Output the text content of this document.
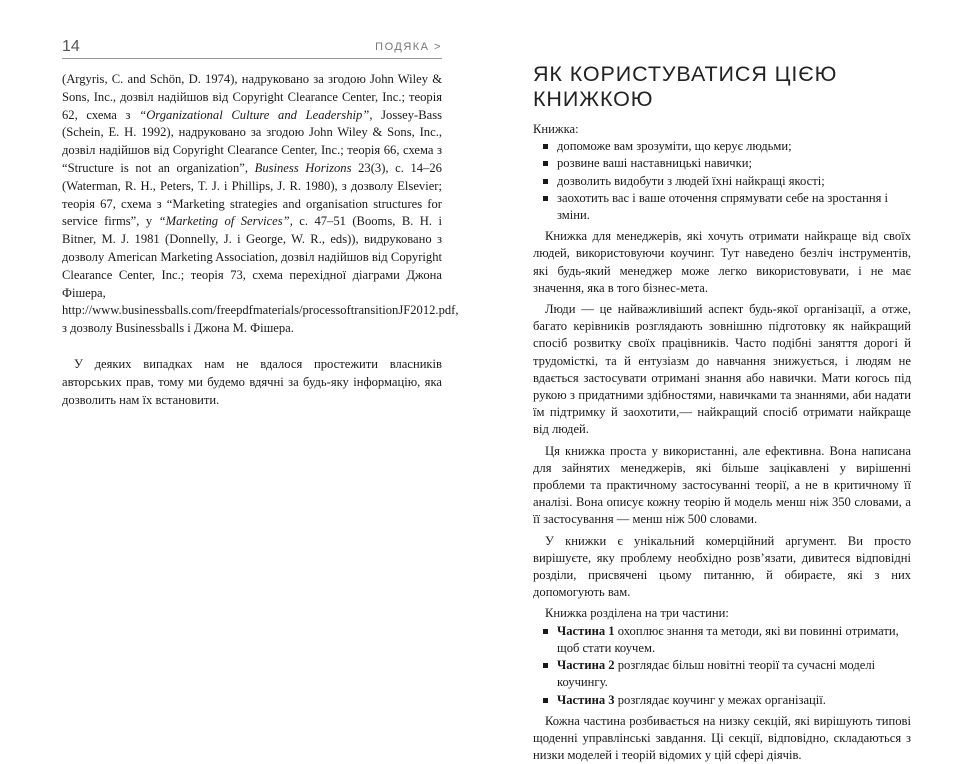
14	ПОДЯКА >

(Argyris, C. and Schön, D. 1974), надруковано за згодою John Wiley & Sons, Inc., дозвіл надійшов від Copyright Clearance Center, Inc.; теорія 62, схема з “Organizational Culture and Leadership”, Jossey-Bass (Schein, E. H. 1992), надруковано за згодою John Wiley & Sons, Inc., дозвіл надійшов від Copyright Clearance Center, Inc.; теорія 66, схема з “Structure is not an organization”, Business Horizons 23(3), с. 14–26 (Waterman, R. H., Peters, T. J. і Phillips, J. R. 1980), з дозволу Elsevier; теорія 67, схема з “Marketing strategies and organisation structures for service firms”, у “Marketing of Services”, с. 47–51 (Booms, B. H. і Bitner, M. J. 1981 (Donnelly, J. і George, W. R., eds)), видруковано з дозволу American Marketing Association, дозвіл надійшов від Copyright Clearance Center, Inc.; теорія 73, схема перехідної діаграми Джона Фішера, http://www.businessballs.com/freepdfmaterials/processoftransitionJF2012.pdf, з дозволу Businessballs і Джона М. Фішера.

У деяких випадках нам не вдалося простежити власників авторських прав, тому ми будемо вдячні за будь-яку інформацію, яка дозволить нам їх встановити.

ЯК КОРИСТУВАТИСЯ ЦІЄЮ КНИЖКОЮ

Книжка:

допоможе вам зрозуміти, що керує людьми;
розвине ваші наставницькі навички;
дозволить видобути з людей їхні найкращі якості;
заохотить вас і ваше оточення спрямувати себе на зростання і зміни.

Книжка для менеджерів, які хочуть отримати найкраще від своїх людей, використовуючи коучинг. Тут наведено безліч інструментів, які будь-який менеджер може легко використовувати, і не має значення, яка в того бізнес-мета.

Люди — це найважливіший аспект будь-якої організації, а отже, багато керівників розглядають зовнішню підготовку як найкращий спосіб розвитку своїх працівників. Часто подібні заняття дорогі й трудомісткі, та й ентузіазм до навчання знижується, і людям не вдається застосувати отримані знання або навички. Мати когось під рукою з придатними здібностями, навичками та знаннями, аби надати їм підтримку й заохотити,— найкращий спосіб отримати найкраще від людей.

Ця книжка проста у використанні, але ефективна. Вона написана для зайнятих менеджерів, які більше зацікавлені у вирішенні проблеми та практичному застосуванні теорії, а не в критичному її аналізі. Вона описує кожну теорію й модель менш ніж 350 словами, а її застосування — менш ніж 500 словами.

У книжки є унікальний комерційний аргумент. Ви просто вирішуєте, яку проблему необхідно розв’язати, дивитеся відповідні розділи, присвячені цьому питанню, й обираєте, які з них допомогують вам.

Книжка розділена на три частини:

Частина 1 охоплює знання та методи, які ви повинні отримати, щоб стати коучем.
Частина 2 розглядає більш новітні теорії та сучасні моделі коучингу.
Частина 3 розглядає коучинг у межах організації.

Кожна частина розбивається на низку секцій, які вирішують типові щоденні управлінські завдання. Ці секції, відповідно, складаються з низки моделей і теорій відомих у цій сфері діячів.
